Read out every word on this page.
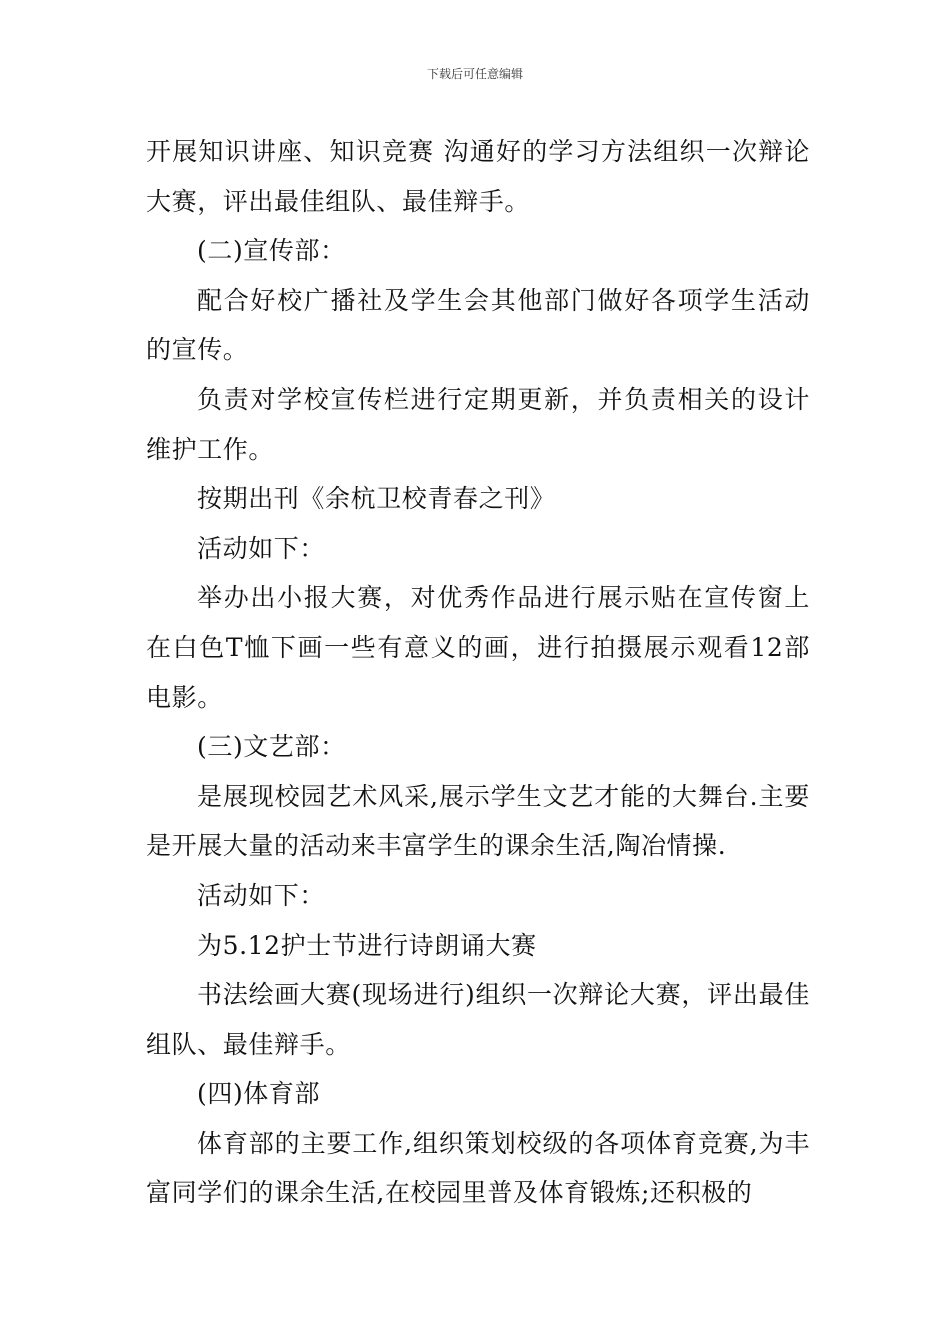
下载后可任意编辑

开展知识讲座、知识竞赛 沟通好的学习方法组织一次辩论大赛，评出最佳组队、最佳辩手。

(二)宣传部：

配合好校广播社及学生会其他部门做好各项学生活动的宣传。

负责对学校宣传栏进行定期更新，并负责相关的设计维护工作。

按期出刊《余杭卫校青春之刊》

活动如下：

举办出小报大赛，对优秀作品进行展示贴在宣传窗上在白色T恤下画一些有意义的画，进行拍摄展示观看12部电影。

(三)文艺部：

是展现校园艺术风采,展示学生文艺才能的大舞台.主要是开展大量的活动来丰富学生的课余生活,陶冶情操.

活动如下：

为5.12护士节进行诗朗诵大赛

书法绘画大赛(现场进行)组织一次辩论大赛，评出最佳组队、最佳辩手。

(四)体育部

体育部的主要工作,组织策划校级的各项体育竞赛,为丰富同学们的课余生活,在校园里普及体育锻炼;还积极的
